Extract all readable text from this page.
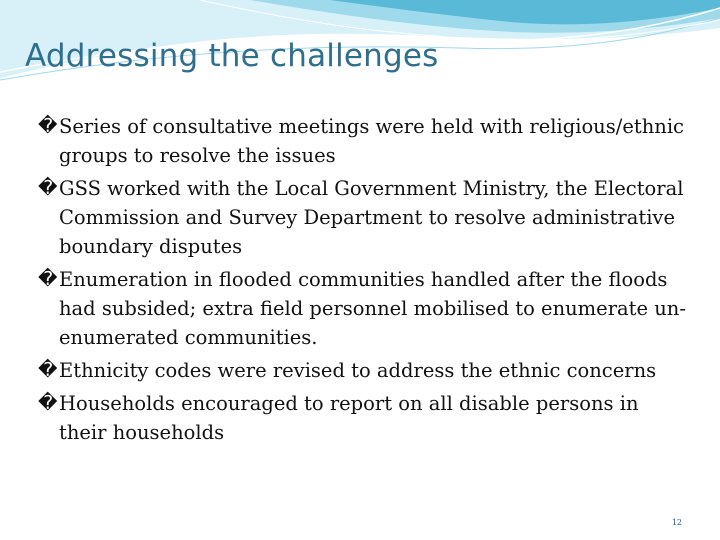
Addressing the challenges
� Series of consultative meetings were held with religious/ethnic groups to resolve the issues
� GSS worked with the Local Government Ministry, the Electoral Commission and Survey Department to resolve administrative boundary disputes
� Enumeration in flooded communities handled after the floods had subsided; extra field personnel mobilised to enumerate un-enumerated communities.
� Ethnicity codes were revised to address the ethnic concerns
� Households encouraged to report on all disable persons in their households
12
